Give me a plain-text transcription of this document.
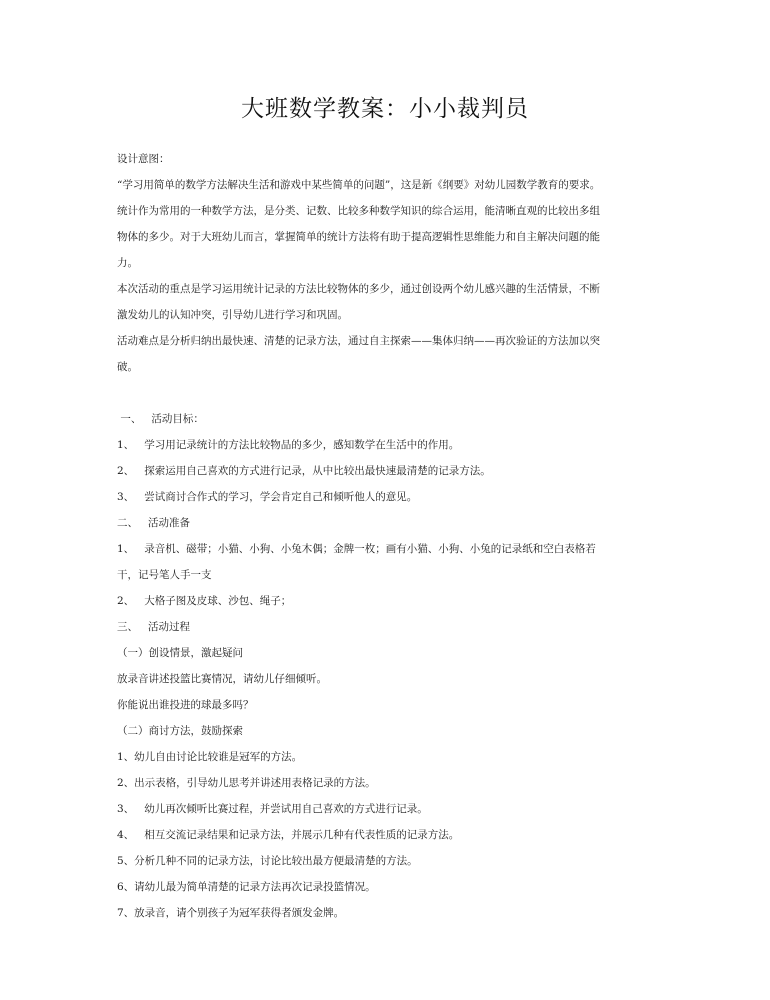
大班数学教案：小小裁判员

设计意图：

“学习用简单的数学方法解决生活和游戏中某些简单的问题”，这是新《纲要》对幼儿园数学教育的要求。

统计作为常用的一种数学方法，是分类、记数、比较多种数学知识的综合运用，能清晰直观的比较出多组

物体的多少。对于大班幼儿而言，掌握简单的统计方法将有助于提高逻辑性思维能力和自主解决问题的能

力。

本次活动的重点是学习运用统计记录的方法比较物体的多少，通过创设两个幼儿感兴趣的生活情景，不断

激发幼儿的认知冲突，引导幼儿进行学习和巩固。

活动难点是分析归纳出最快速、清楚的记录方法，通过自主探索——集体归纳——再次验证的方法加以突

破。

一、   活动目标：

1、   学习用记录统计的方法比较物品的多少，感知数学在生活中的作用。

2、   探索运用自己喜欢的方式进行记录，从中比较出最快速最清楚的记录方法。

3、   尝试商讨合作式的学习，学会肯定自己和倾听他人的意见。

二、   活动准备

1、   录音机、磁带；小猫、小狗、小兔木偶；金牌一枚；画有小猫、小狗、小兔的记录纸和空白表格若

干，记号笔人手一支

2、   大格子图及皮球、沙包、绳子；

三、   活动过程

（一）创设情景，激起疑问

放录音讲述投篮比赛情况，请幼儿仔细倾听。

你能说出谁投进的球最多吗？

（二）商讨方法，鼓励探索

1、幼儿自由讨论比较谁是冠军的方法。

2、出示表格，引导幼儿思考并讲述用表格记录的方法。

3、   幼儿再次倾听比赛过程，并尝试用自己喜欢的方式进行记录。

4、   相互交流记录结果和记录方法，并展示几种有代表性质的记录方法。

5、分析几种不同的记录方法，讨论比较出最方便最清楚的方法。

6、请幼儿最为简单清楚的记录方法再次记录投篮情况。

7、放录音，请个别孩子为冠军获得者颁发金牌。
